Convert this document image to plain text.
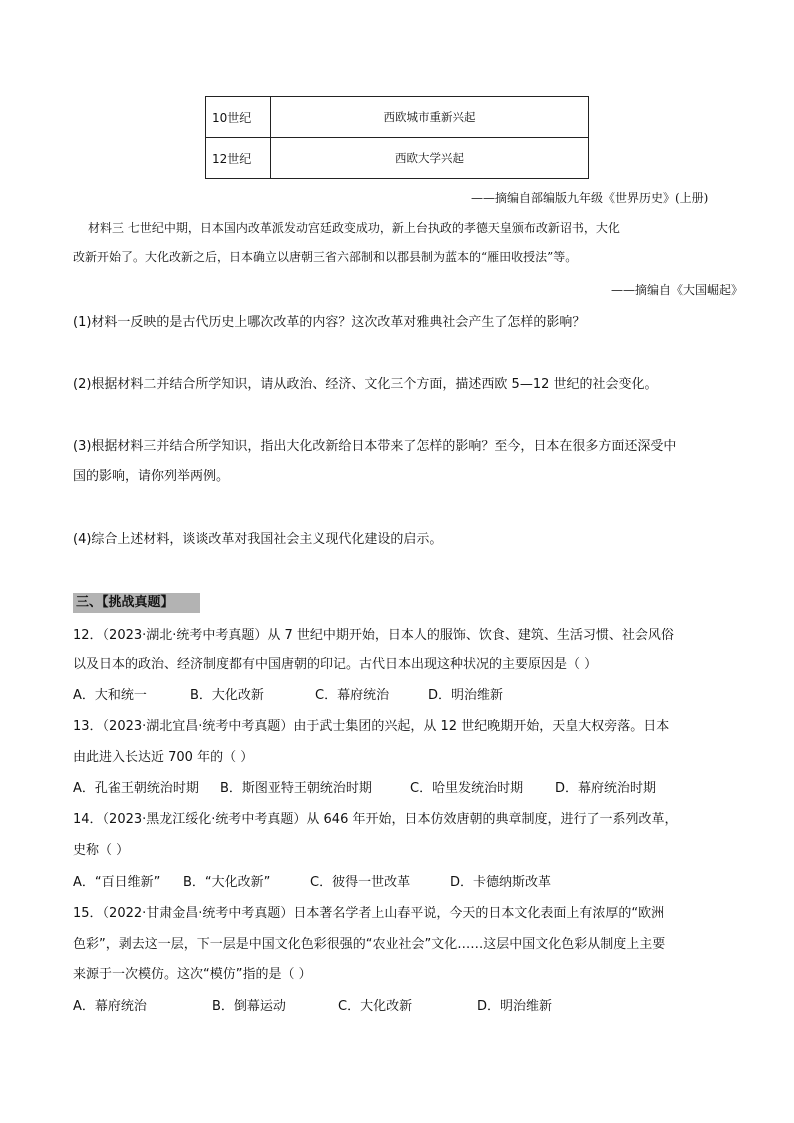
10世纪	西欧城市重新兴起
12世纪	西欧大学兴起
——摘编自部编版九年级《世界历史》(上册)
材料三 七世纪中期，日本国内改革派发动宫廷政变成功，新上台执政的孝德天皇颁布改新诏书，大化
改新开始了。大化改新之后，日本确立以唐朝三省六部制和以郡县制为蓝本的“雁田收授法”等。
——摘编自《大国崛起》
(1)材料一反映的是古代历史上哪次改革的内容？这次改革对雅典社会产生了怎样的影响？
(2)根据材料二并结合所学知识，请从政治、经济、文化三个方面，描述西欧 5—12 世纪的社会变化。
(3)根据材料三并结合所学知识，指出大化改新给日本带来了怎样的影响？至今，日本在很多方面还深受中
国的影响，请你列举两例。
(4)综合上述材料，谈谈改革对我国社会主义现代化建设的启示。
三、【挑战真题】
12．（2023·湖北·统考中考真题）从 7 世纪中期开始，日本人的服饰、饮食、建筑、生活习惯、社会风俗
以及日本的政治、经济制度都有中国唐朝的印记。古代日本出现这种状况的主要原因是（ ）
A．大和统一	B．大化改新	C．幕府统治	D．明治维新
13．（2023·湖北宜昌·统考中考真题）由于武士集团的兴起，从 12 世纪晚期开始，天皇大权旁落。日本
由此进入长达近 700 年的（ ）
A．孔雀王朝统治时期 B．斯图亚特王朝统治时期	C．哈里发统治时期 D．幕府统治时期
14．（2023·黑龙江绥化·统考中考真题）从 646 年开始，日本仿效唐朝的典章制度，进行了一系列改革，
史称（ ）
A．“百日维新” B．“大化改新”	C．彼得一世改革	D．卡德纳斯改革
15．（2022·甘肃金昌·统考中考真题）日本著名学者上山春平说，今天的日本文化表面上有浓厚的“欧洲
色彩”，剥去这一层，下一层是中国文化色彩很强的“农业社会”文化……这层中国文化色彩从制度上主要
来源于一次模仿。这次“模仿”指的是（ ）
A．幕府统治	B．倒幕运动	C．大化改新	D．明治维新
